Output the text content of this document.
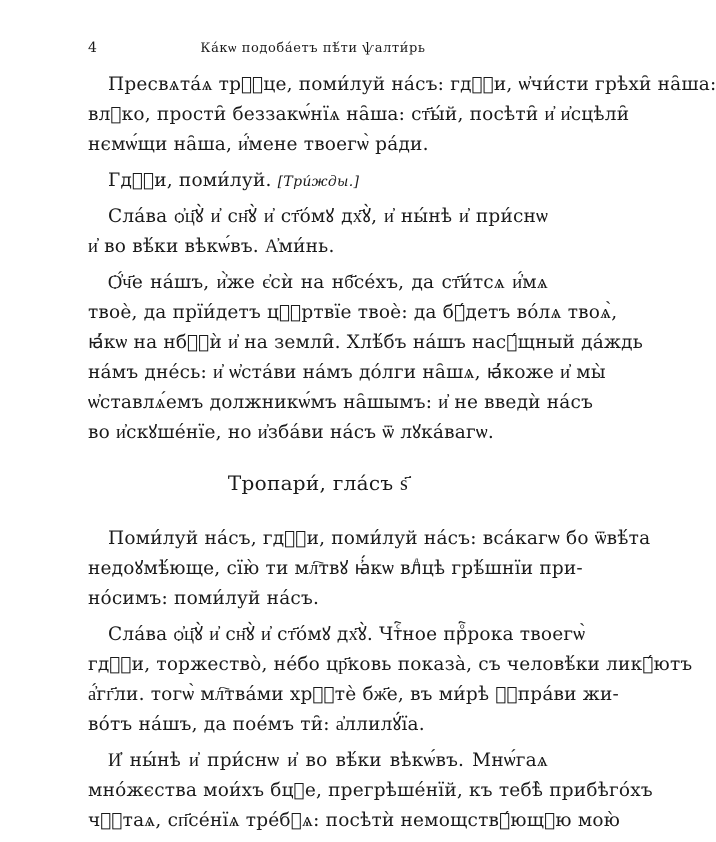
4	Ка́кѡ подоба́етъ пѣ́ти ѱалти́рь
Пресвѧта́ѧ трⷪ҇це, поми́луй на́съ: гдⷭ҇и, ѡ҆чи́сти грѣхи̑ на̑ша:
влⷣко, прости̑ беззакѡ́нїѧ на̑ша: ст҃ы́й, посѣти̑ и҆ и҆сцѣли̑
нємѡ́щи на̑ша, и҆́мене твоегѡ̀ ра́ди.
Гдⷭ҇и, поми́луй. [Три́жды.]
Сла́ва ѻ҆ц҃ꙋ̀ и҆ сн҃ꙋ̀ и҆ ст҃о́мꙋ дх҃ꙋ̀, и҆ ны́нѣ и҆ при́снѡ
и҆ во вѣ́ки вѣкѡ́въ. А҆ми́нь.
Ѻ҆́ч҃е на́шъ, и҆̀же є҆сѝ на нб҃се́хъ, да ст҃и́тсѧ и҆́мѧ
твоѐ, да прїи́детъ цⷭ҇ртвїе твоѐ: да бꙋ́детъ во́лѧ твоѧ̀,
ꙗ҆́кѡ на нбⷭ҇ѝ и҆ на земли̑. Хлѣ́бъ на́шъ насꙋ́щный да́ждь
на́мъ дне́сь: и҆ ѡ҆ста́ви на́мъ до́лги на̑шѧ, ꙗ҆́коже и҆ мы̀
ѡ҆ставлѧ́емъ должникѡ́мъ на̑шымъ: и҆ не введѝ на́съ
во и҆скꙋше́нїе, но и҆зба́ви на́съ ѿ лꙋка́вагѡ.
Тропари́, гла́съ ѕ҃
Поми́луй на́съ, гдⷭ҇и, поми́луй на́съ: вса́кагѡ бо ѿвѣ́та
недоꙋмѣ́юще, сїю̀ ти мл҇твꙋ ꙗ҆́кѡ влⷣцѣ грѣ́шнїи при-
но́симъ: поми́луй на́съ.
Сла́ва ѻ҆ц҃ꙋ̀ и҆ сн҃ꙋ̀ и҆ ст҃о́мꙋ дх҃ꙋ̀. Чтⷭ҇ное прⷪ҇рока твоегѡ̀
гдⷭ҇и, торжество̀, не́бо цр҃ковь показа̀, съ человѣ́ки ликꙋ́ютъ
а҆́гг҃ли. тогѡ̀ мл҇тва́ми хрⷭ҇тѐ бж҃е, въ ми́рѣ ꙋ҆пра́ви жи-
во́тъ на́шъ, да пое́мъ ти̑: а҆ллилꙋ́їа.
И҆ ны́нѣ и҆ при́снѡ и҆ во вѣ́ки вѣкѡ́въ. Мнѡ́гаѧ
мно́жєства мои́хъ бцⷣе, прегрѣше́нїй, къ тебѣ̀ прибѣго́хъ
чⷭ҇таѧ, сп҃се́нїѧ тре́бꙋѧ: посѣтѝ немощствꙋ́ющꙋю мою̀
